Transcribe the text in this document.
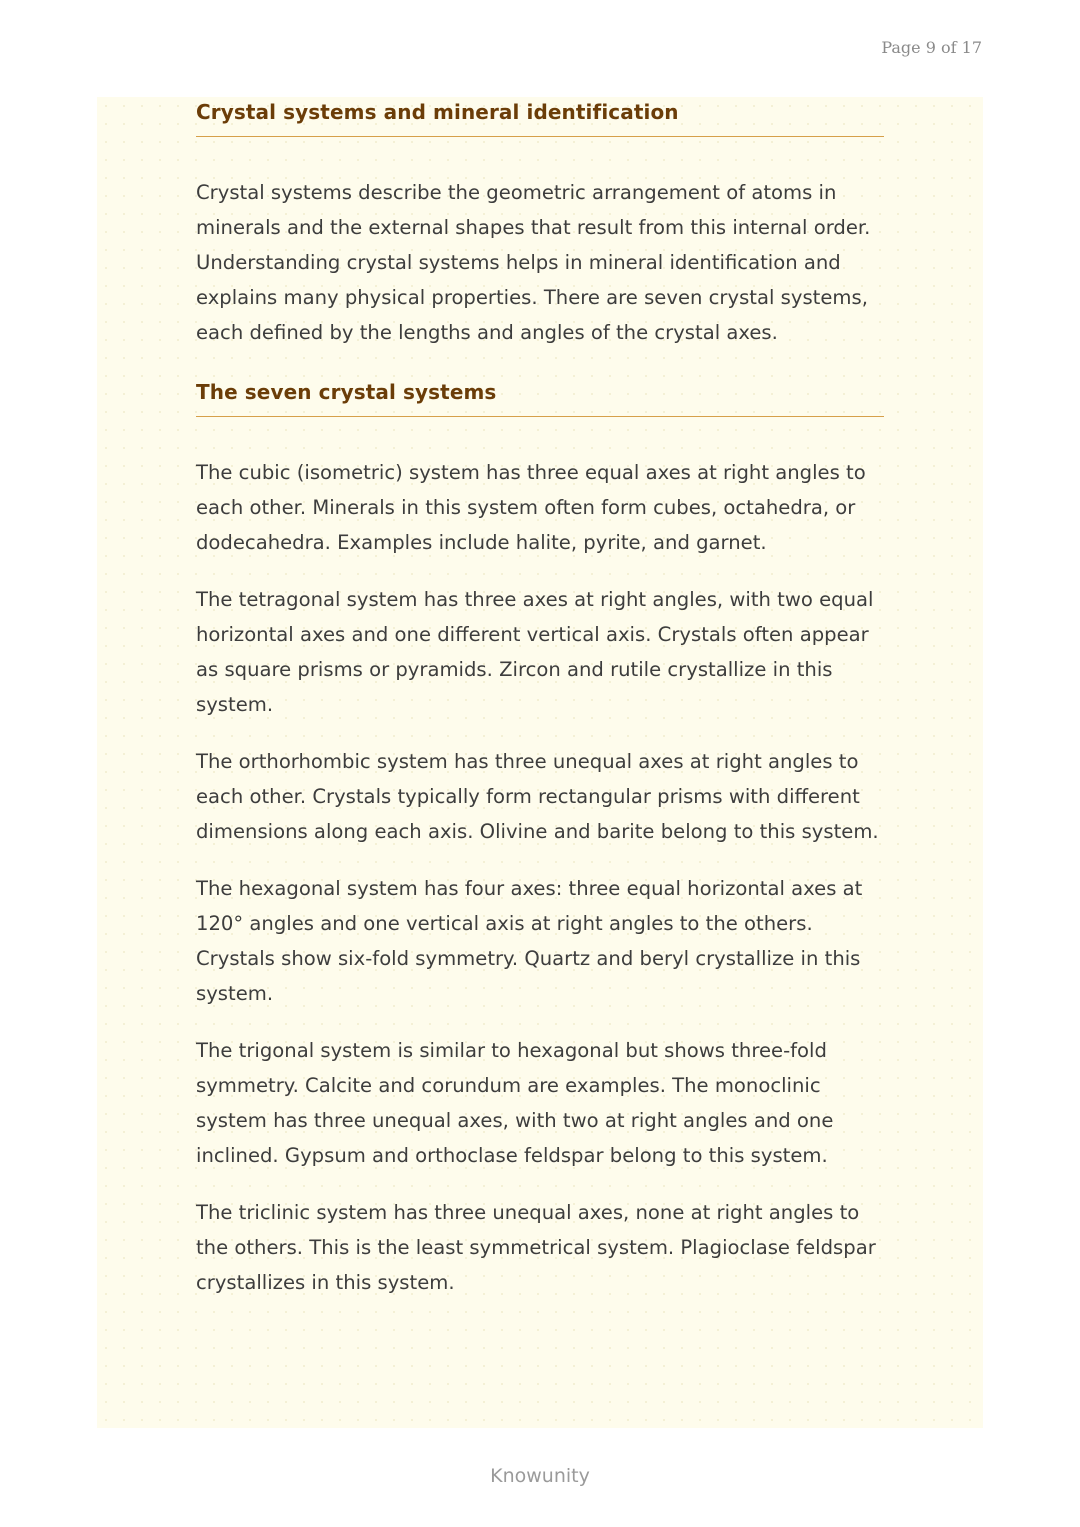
Page 9 of 17
Crystal systems and mineral identification

Crystal systems describe the geometric arrangement of atoms in minerals and the external shapes that result from this internal order. Understanding crystal systems helps in mineral identification and explains many physical properties. There are seven crystal systems, each defined by the lengths and angles of the crystal axes.

The seven crystal systems

The cubic (isometric) system has three equal axes at right angles to each other. Minerals in this system often form cubes, octahedra, or dodecahedra. Examples include halite, pyrite, and garnet.

The tetragonal system has three axes at right angles, with two equal horizontal axes and one different vertical axis. Crystals often appear as square prisms or pyramids. Zircon and rutile crystallize in this system.

The orthorhombic system has three unequal axes at right angles to each other. Crystals typically form rectangular prisms with different dimensions along each axis. Olivine and barite belong to this system.

The hexagonal system has four axes: three equal horizontal axes at 120° angles and one vertical axis at right angles to the others. Crystals show six-fold symmetry. Quartz and beryl crystallize in this system.

The trigonal system is similar to hexagonal but shows three-fold symmetry. Calcite and corundum are examples. The monoclinic system has three unequal axes, with two at right angles and one inclined. Gypsum and orthoclase feldspar belong to this system.

The triclinic system has three unequal axes, none at right angles to the others. This is the least symmetrical system. Plagioclase feldspar crystallizes in this system.

Knowunity
